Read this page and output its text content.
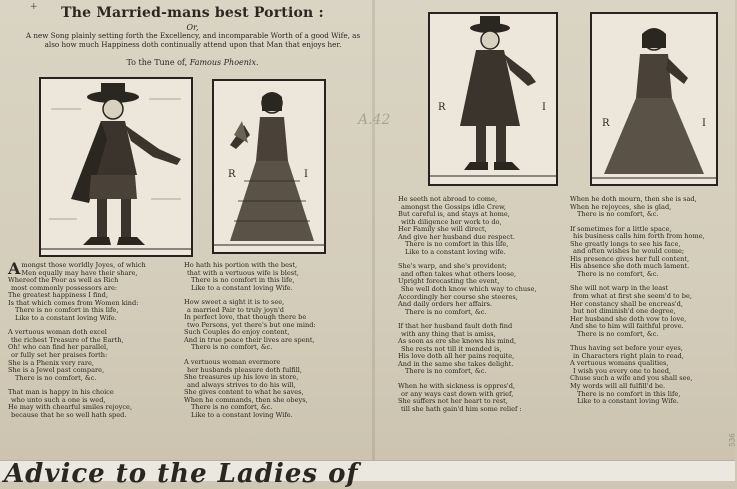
+	The Married-mans best Portion :
Or,
A new Song plainly setting forth the Excellency, and incomparable Worth of a good Wife, as
also how much Happiness doth continually attend upon that Man that enjoys her.
To the Tune of, Famous Phoenix.
R	I
R	I
R	I
A.42
536

Amongst those worldly Joyes, of which

Men equally may have their share,

Whereof the Poor as well as Rich

most commonly possessors are:

The greatest happiness I find,

Is that which comes from Women kind:

There is no comfort in this life,

Like to a constant loving Wife.

A vertuous woman doth excel

the richest Treasure of the Earth,

Oh! who can find her parallel,

or fully set her praises forth:

She is a Phenix very rare,

She is a Jewel past compare,

There is no comfort, &c.

That man is happy in his choice

who unto such a one is wed,

He may with chearful smiles rejoyce,

because that he so well hath sped.

Ho hath his portion with the best,

that with a vertuous wife is blest,

There is no comfort in this life,

Like to a constant loving Wife.

How sweet a sight it is to see,

a married Pair to truly joyn'd

In perfect love, that though there be

two Persons, yet there's but one mind:

Such Couples do enjoy content,

And in true peace their lives are spent,

There is no comfort, &c.

A vertuous woman evermore

her husbands pleasure doth fulfill,

She treasures up his love in store,

and always strives to do his will,

She gives content to what he saves,

When he commands, then she obeys,

There is no comfort, &c.

Like to a constant loving Wife.

He seeth not abroad to come,

amongst the Gossips idle Crew,

But careful is, and stays at home,

with diligence her work to do,

Her Family she will direct,

And give her husband due respect.

There is no comfort in this life,

Like to a constant loving wife.

She's warp, and she's provident;

and often takes what others loose,

Upright forecasting the event,

She well doth know which way to chuse,

Accordingly her course she steeres,

And daily orders her affairs.

There is no comfort, &c.

If that her husband fault doth find

with any thing that is amiss,

As soon as ere she knows his mind,

She rests not till it mended is,

His love doth all her pains requite,

And in the same she takes delight.

There is no comfort, &c.

When he with sickness is oppres'd,

or any ways cast down with grief,

She suffers not her heart to rest,

till she hath gain'd him some relief :

When he doth mourn, then she is sad,

When he rejoyces, she is glad,

There is no comfort, &c.

If sometimes for a little space,

his business calls him forth from home,

She greatly longs to see his face,

and often wishes he would come;

His presence gives her full content,

His absence she doth much lament.

There is no comfort, &c.

She will not warp in the least

from what at first she seem'd to be,

Her constancy shall be encreas'd,

but not diminish'd one degree,

Her husband she doth vow to love,

And she to him will faithful prove.

There is no comfort, &c.

Thus having set before your eyes,

in Characters right plain to read,

A vertuous womans qualities,

I wish you every one to heed,

Chuse such a wife and you shall see,

My words will all fulfill'd be.

There is no comfort in this life,

Like to a constant loving Wife.

Advice to the Ladies of
